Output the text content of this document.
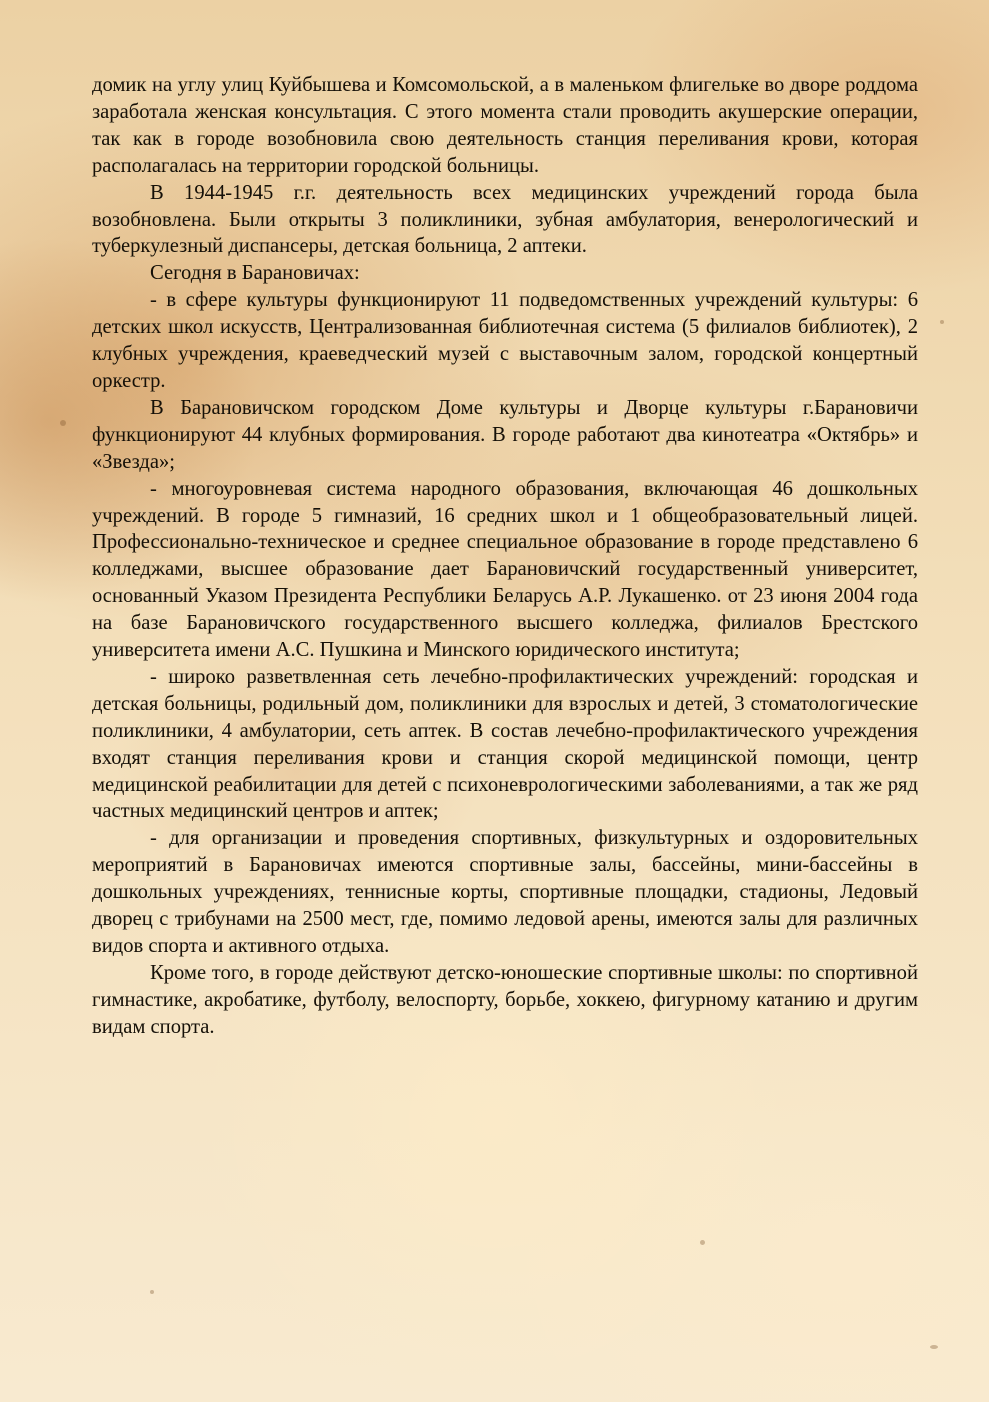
домик на углу улиц Куйбышева и Комсомольской, а в маленьком флигельке во дворе роддома заработала женская консультация. С этого момента стали проводить акушерские операции, так как в городе возобновила свою деятельность станция переливания крови, которая располагалась на территории городской больницы.

В 1944-1945 г.г. деятельность всех медицинских учреждений города была возобновлена. Были открыты 3 поликлиники, зубная амбулатория, венерологический и туберкулезный диспансеры, детская больница, 2 аптеки.

Сегодня в Барановичах:

- в сфере культуры функционируют 11 подведомственных учреждений культуры: 6 детских школ искусств, Централизованная библиотечная система (5 филиалов библиотек), 2 клубных учреждения, краеведческий музей с выставочным залом, городской концертный оркестр.

В Барановичском городском Доме культуры и Дворце культуры г.Барановичи функционируют 44 клубных формирования. В городе работают два кинотеатра «Октябрь» и «Звезда»;

- многоуровневая система народного образования, включающая 46 дошкольных учреждений. В городе 5 гимназий, 16 средних школ и 1 общеобразовательный лицей. Профессионально-техническое и среднее специальное образование в городе представлено 6 колледжами, высшее образование дает Барановичский государственный университет, основанный Указом Президента Республики Беларусь А.Р. Лукашенко. от 23 июня 2004 года на базе Барановичского государственного высшего колледжа, филиалов Брестского университета имени А.С. Пушкина и Минского юридического института;

- широко разветвленная сеть лечебно-профилактических учреждений: городская и детская больницы, родильный дом, поликлиники для взрослых и детей, 3 стоматологические поликлиники, 4 амбулатории, сеть аптек. В состав лечебно-профилактического учреждения входят станция переливания крови и станция скорой медицинской помощи, центр медицинской реабилитации для детей с психоневрологическими заболеваниями, а так же ряд частных медицинский центров и аптек;

- для организации и проведения спортивных, физкультурных и оздоровительных мероприятий в Барановичах имеются спортивные залы, бассейны, мини-бассейны в дошкольных учреждениях, теннисные корты, спортивные площадки, стадионы, Ледовый дворец с трибунами на 2500 мест, где, помимо ледовой арены, имеются залы для различных видов спорта и активного отдыха.

Кроме того, в городе действуют детско-юношеские спортивные школы: по спортивной гимнастике, акробатике, футболу, велоспорту, борьбе, хоккею, фигурному катанию и другим видам спорта.
